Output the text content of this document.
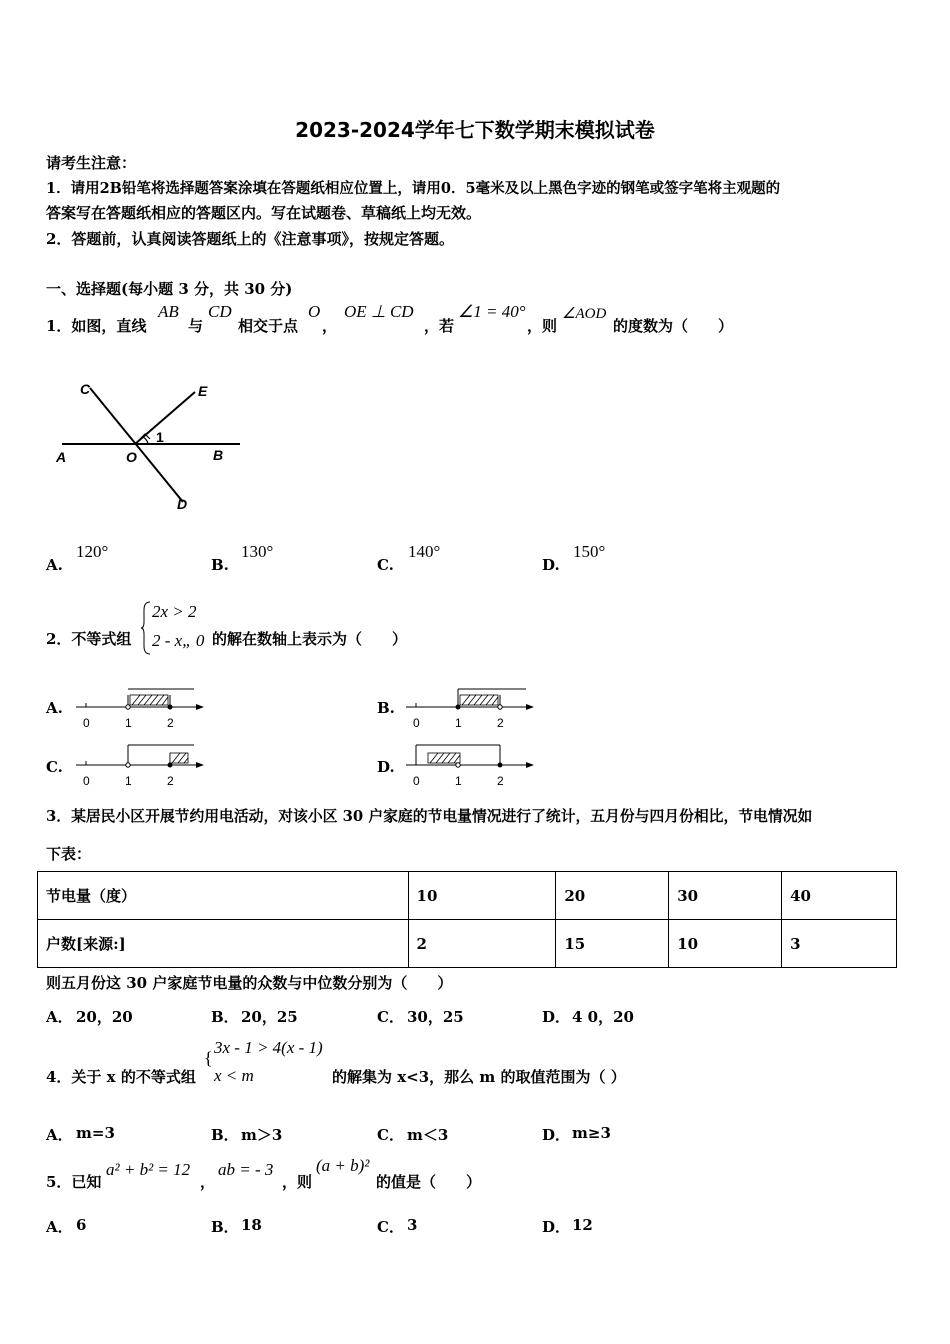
2023-2024学年七下数学期末模拟试卷
请考生注意：
1．请用2B铅笔将选择题答案涂填在答题纸相应位置上，请用0．5毫米及以上黑色字迹的钢笔或签字笔将主观题的
答案写在答题纸相应的答题区内。写在试题卷、草稿纸上均无效。
2．答题前，认真阅读答题纸上的《注意事项》，按规定答题。
一、选择题(每小题 3 分，共 30 分)
1．如图，直线
AB
与
CD
相交于点
O
，
OE ⊥ CD
，若
∠1 = 40°
，则
∠AOD
的度数为（　　）
C	E
A	O	B
D
1
A.
120°
B.
130°
C.
140°
D.
150°
2．不等式组
2x > 2
2 - x„ 0 的解在数轴上表示为（　　）
A.
0	1	2
B.
0	1	2
C.
0	1	2
D.
0	1	2
3．某居民小区开展节约用电活动，对该小区 30 户家庭的节电量情况进行了统计，五月份与四月份相比，节电情况如
下表：
节电量（度）	10	20	30	40
户数[来源:]	2	15	10	3
则五月份这 30 户家庭节电量的众数与中位数分别为（　　）
A． 20，20	B． 20，25	C． 30，25	D． 4 0，20
4．关于 x 的不等式组
{
3x - 1 > 4(x - 1)
x < m	的解集为 x<3，那么 m 的取值范围为（ ）
A． m=3	B． m＞3	C． m＜3	D． m≥3
5．已知
a² + b² = 12
，
ab = - 3
，则
(a + b)²
的值是（　　）
A． 6	B． 18	C． 3	D． 12
